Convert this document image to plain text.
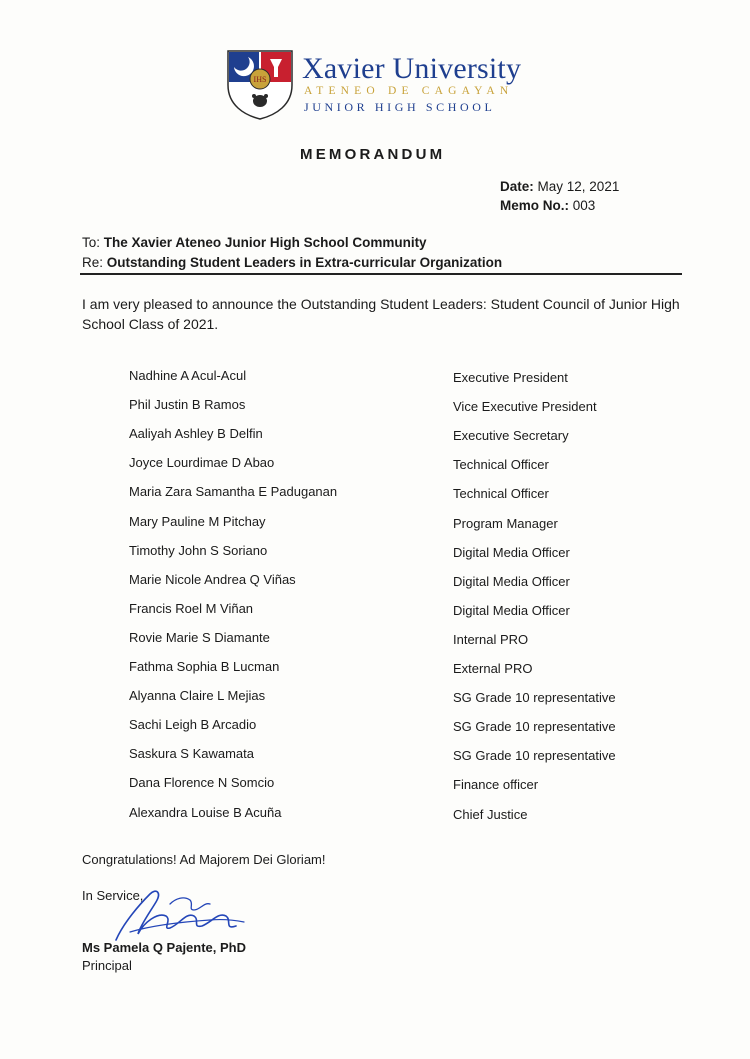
IHS Xavier University
ATENEO DE CAGAYAN
JUNIOR HIGH SCHOOL
MEMORANDUM
Date: May 12, 2021
Memo No.: 003
To: The Xavier Ateneo Junior High School Community
Re: Outstanding Student Leaders in Extra-curricular Organization
I am very pleased to announce the Outstanding Student Leaders: Student Council of Junior High School Class of 2021.
Nadhine A Acul-Acul	Executive President
Phil Justin B Ramos	Vice Executive President
Aaliyah Ashley B Delfin	Executive Secretary
Joyce Lourdimae D Abao	Technical Officer
Maria Zara Samantha E Paduganan	Technical Officer
Mary Pauline M Pitchay	Program Manager
Timothy John S Soriano	Digital Media Officer
Marie Nicole Andrea Q Viñas	Digital Media Officer
Francis Roel M Viñan	Digital Media Officer
Rovie Marie S Diamante	Internal PRO
Fathma Sophia B Lucman	External PRO
Alyanna Claire L Mejias	SG Grade 10 representative
Sachi Leigh B Arcadio	SG Grade 10 representative
Saskura S Kawamata	SG Grade 10 representative
Dana Florence N Somcio	Finance officer
Alexandra Louise B Acuña	Chief Justice
Congratulations! Ad Majorem Dei Gloriam!
In Service,
Ms Pamela Q Pajente, PhD
Principal
